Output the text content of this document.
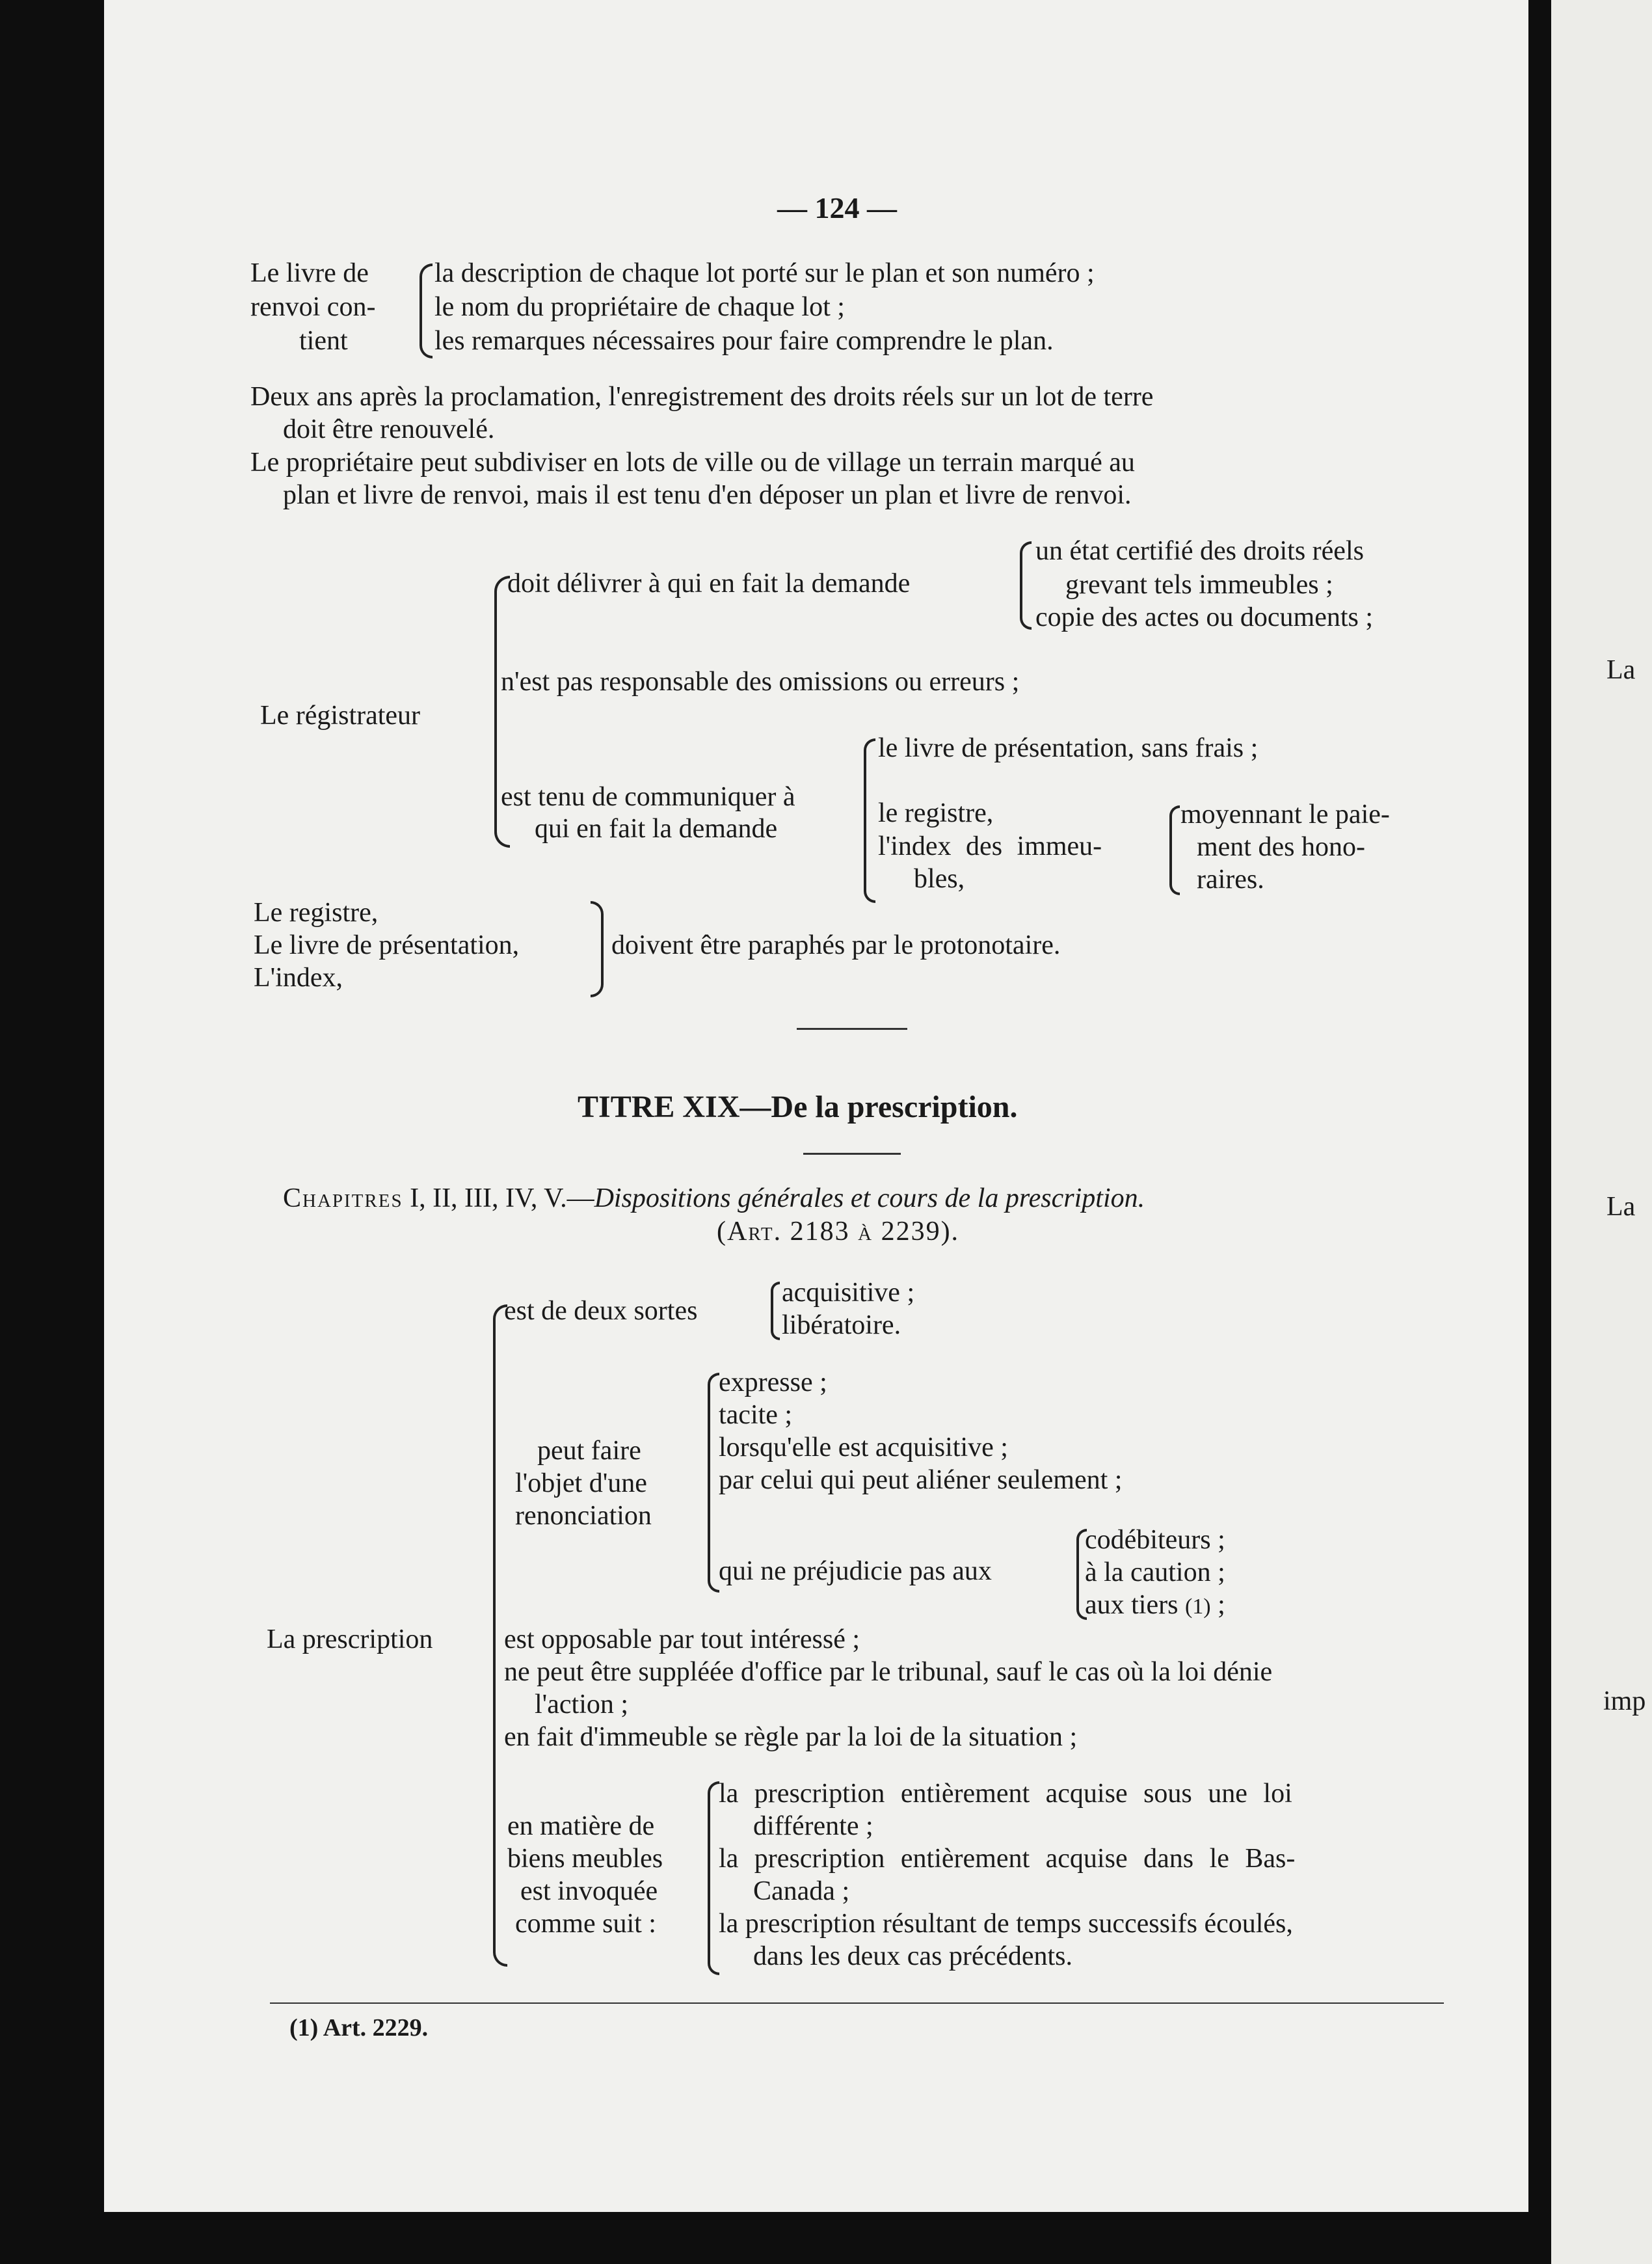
— 124 —
Le livre de
renvoi con-
tient
la description de chaque lot porté sur le plan et son numéro ;
le nom du propriétaire de chaque lot ;
les remarques nécessaires pour faire comprendre le plan.
Deux ans après la proclamation, l'enregistrement des droits réels sur un lot de terre
doit être renouvelé.
Le propriétaire peut subdiviser en lots de ville ou de village un terrain marqué au
plan et livre de renvoi, mais il est tenu d'en déposer un plan et livre de renvoi.
Le régistrateur
doit délivrer à qui en fait la demande
un état certifié des droits réels
grevant tels immeubles ;
copie des actes ou documents ;
n'est pas responsable des omissions ou erreurs ;
est tenu de communiquer à
qui en fait la demande
le livre de présentation, sans frais ;
le registre,
l'index des immeu-
bles,
moyennant le paie-
ment des hono-
raires.
Le registre,
Le livre de présentation,
L'index,
doivent être paraphés par le protonotaire.
TITRE XIX—De la prescription.
Chapitres I, II, III, IV, V.—Dispositions générales et cours de la prescription.
(Art. 2183 à 2239).
La prescription
est de deux sortes
acquisitive ;
libératoire.
peut faire
l'objet d'une
renonciation
expresse ;
tacite ;
lorsqu'elle est acquisitive ;
par celui qui peut aliéner seulement ;
qui ne préjudicie pas aux
codébiteurs ;
à la caution ;
aux tiers (1) ;
est opposable par tout intéressé ;
ne peut être suppléée d'office par le tribunal, sauf le cas où la loi dénie
l'action ;
en fait d'immeuble se règle par la loi de la situation ;
en matière de
biens meubles
est invoquée
comme suit :
la prescription entièrement acquise sous une loi
différente ;
la prescription entièrement acquise dans le Bas-
Canada ;
la prescription résultant de temps successifs écoulés,
dans les deux cas précédents.
(1) Art. 2229.
La
La
imp
